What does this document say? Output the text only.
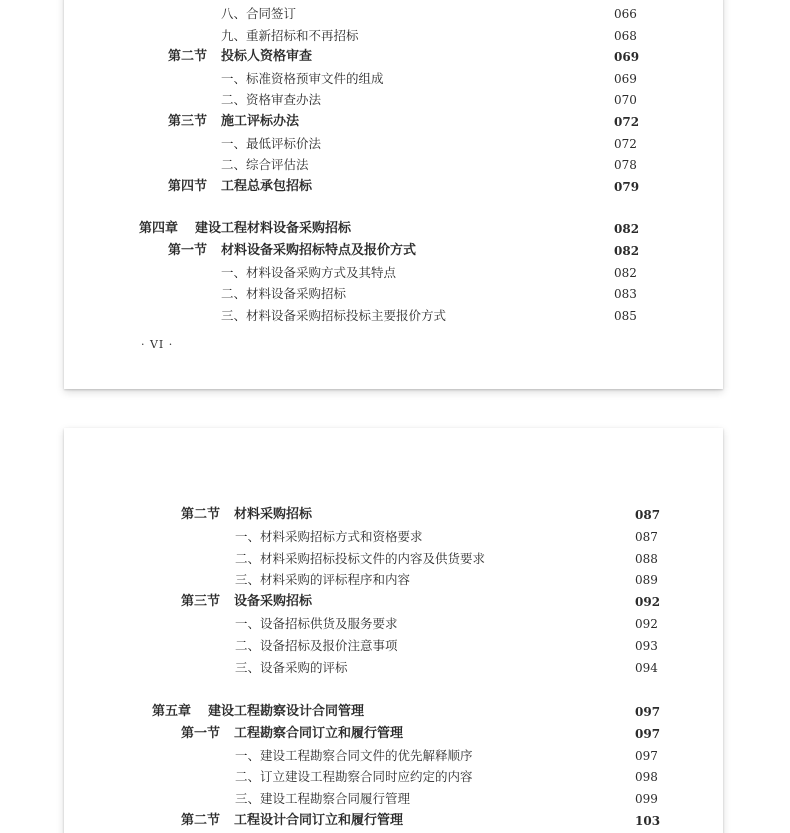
八、合同签订	066
九、重新招标和不再招标	068
第二节 投标人资格审查	069
一、标准资格预审文件的组成	069
二、资格审查办法	070
第三节 施工评标办法	072
一、最低评标价法	072
二、综合评估法	078
第四节 工程总承包招标	079
第四章 建设工程材料设备采购招标	082
第一节 材料设备采购招标特点及报价方式	082
一、材料设备采购方式及其特点	082
二、材料设备采购招标	083
三、材料设备采购招标投标主要报价方式	085
· VI ·
第二节 材料采购招标	087
一、材料采购招标方式和资格要求	087
二、材料采购招标投标文件的内容及供货要求	088
三、材料采购的评标程序和内容	089
第三节 设备采购招标	092
一、设备招标供货及服务要求	092
二、设备招标及报价注意事项	093
三、设备采购的评标	094
第五章 建设工程勘察设计合同管理	097
第一节 工程勘察合同订立和履行管理	097
一、建设工程勘察合同文件的优先解释顺序	097
二、订立建设工程勘察合同时应约定的内容	098
三、建设工程勘察合同履行管理	099
第二节 工程设计合同订立和履行管理	103
